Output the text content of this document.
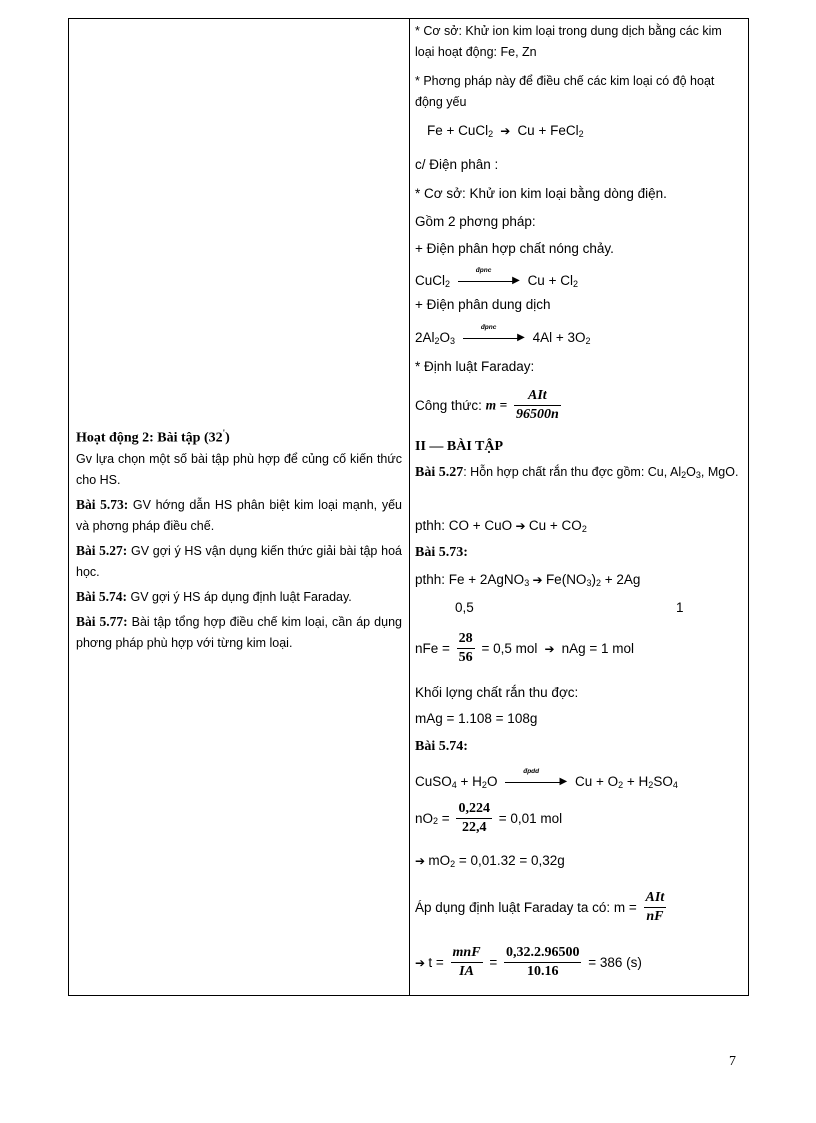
Hoạt động 2: Bài tập (32')
Gv lựa chọn một số bài tập phù hợp để củng cố kiến thức cho HS.
Bài 5.73: GV hớng dẫn HS phân biệt kim loại mạnh, yếu và phơng pháp điều chế.
Bài 5.27: GV gợi ý HS vận dụng kiến thức giải bài tập hoá học.
Bài 5.74: GV gợi ý HS áp dụng định luật Faraday.
Bài 5.77: Bài tập tổng hợp điều chế kim loại, cần áp dụng phơng pháp phù hợp với từng kim loại.
* Cơ sở: Khử ion kim loại trong dung dịch bằng các kim loại hoạt động: Fe, Zn
* Phơng pháp này để điều chế các kim loại có độ hoạt động yếu
Fe + CuCl$_2$  ➔  Cu + FeCl$_2$
c/ Điện phân :
* Cơ sở: Khử ion kim loại bằng dòng điện.
Gồm 2 phơng pháp:
+ Điện phân hợp chất nóng chảy.
CuCl$_2$	▶
đpnc
$Cu + Cl_2$
+ Điện phân dung dịch
$2Al_2O_3$	▶
đpnc
$4Al + 3O_2$
* Định luật Faraday:
Công thức: $m = \frac{\text{AIt}}{96500n}$
II — BÀI TẬP
Bài 5.27: Hỗn hợp chất rắn thu đợc gồm: Cu, $Al_2O_3$, MgO.
pthh: CO + CuO ➔ $Cu + CO_2$
Bài 5.73:
pthh: Fe + 2AgNO$_3$ ➔ $Fe(NO_3)_2 + 2Ag$
0,5	1
nFe = $\frac{28}{56} = 0,5$ mol  ➔  nAg = 1 mol
Khối lợng chất rắn thu đợc:
mAg = 1.108 = 108g
Bài 5.74:
CuSO$_4$ + $H_2O$	▶
đpdd
$Cu + O_2 + H_2SO_4$
$nO_2 = \frac{0,224}{22,4} = 0,01$ mol
➔ $mO_2 = 0,01.32 = 0,32g$
Áp dụng định luật Faraday ta có: $m = \frac{\text{AIt}}{nF}$
➔ $t = \frac{\text{mnF}}{IA} = \frac{0,32.2.96500}{10.16} = 386$ (s)
7
